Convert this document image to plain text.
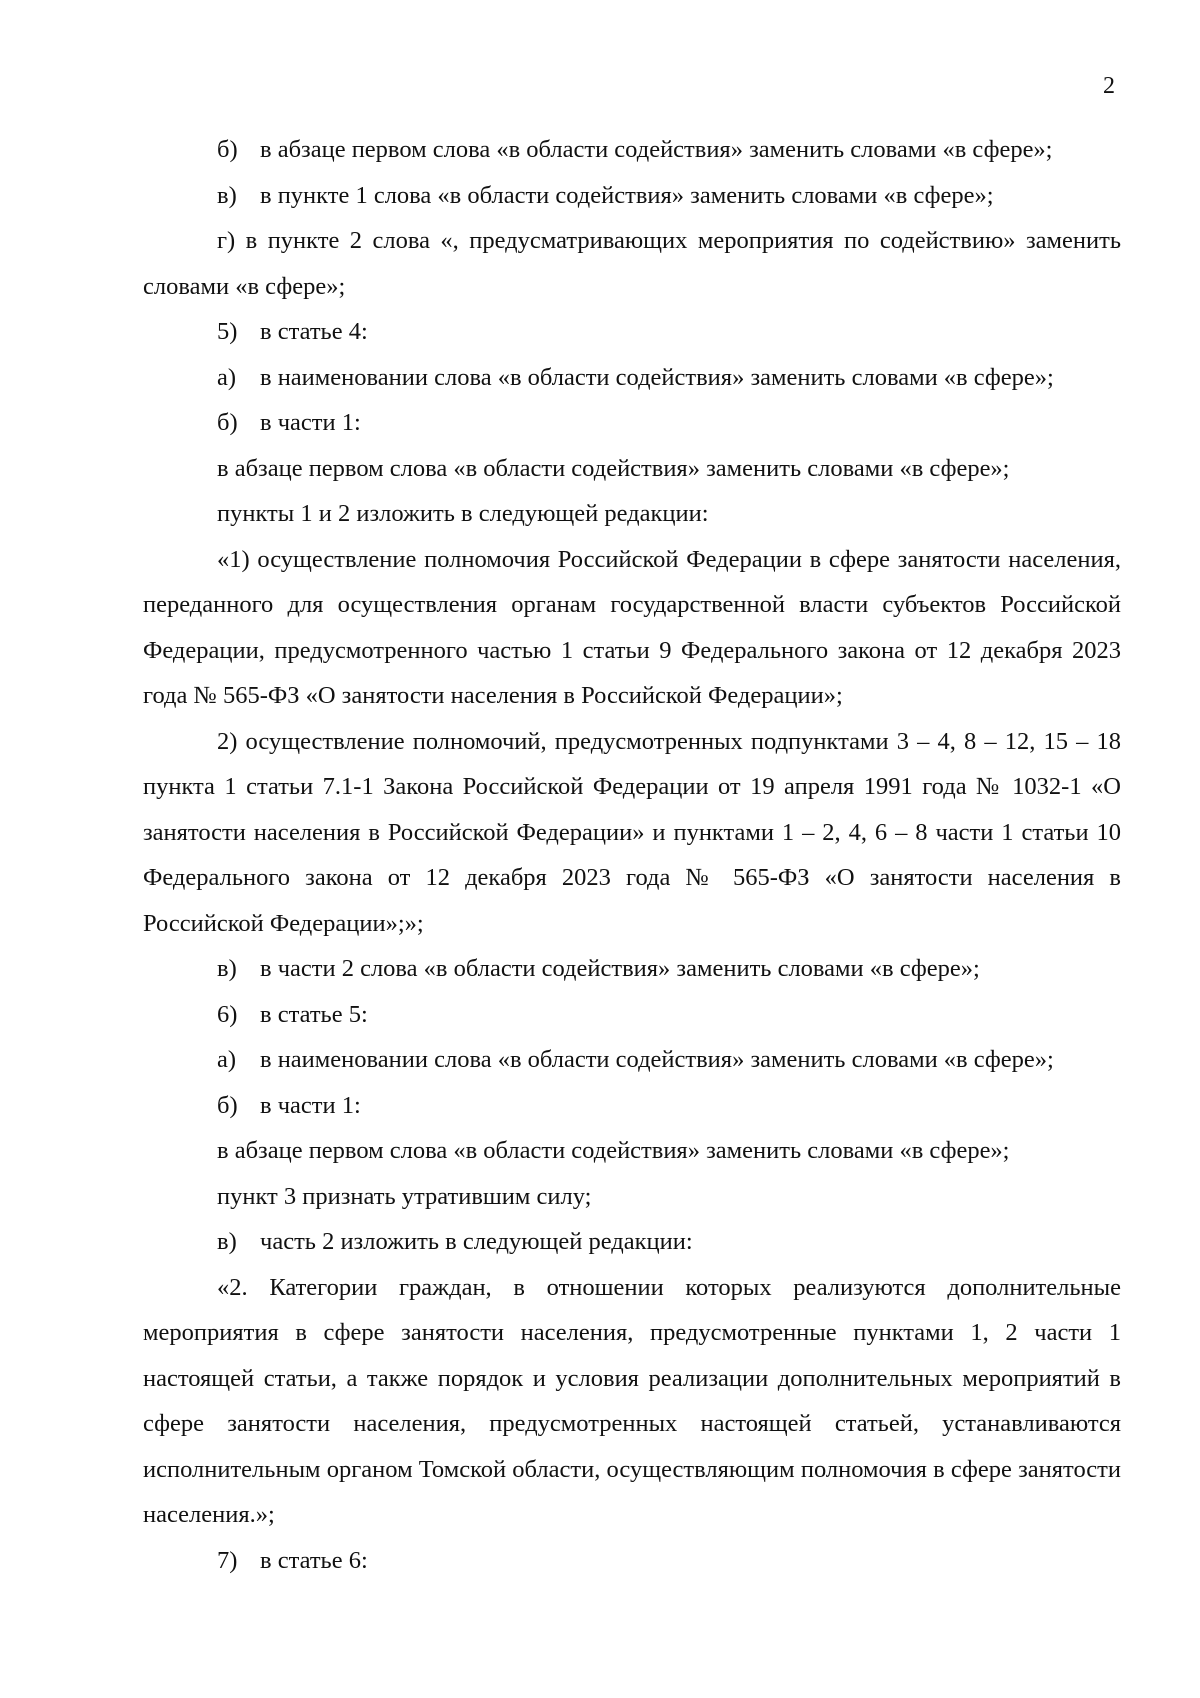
2
б) в абзаце первом слова «в области содействия» заменить словами «в сфере»;
в) в пункте 1 слова «в области содействия» заменить словами «в сфере»;

г) в пункте 2 слова «, предусматривающих мероприятия по содействию» заменить словами «в сфере»;

5) в статье 4:
а) в наименовании слова «в области содействия» заменить словами «в сфере»;
б) в части 1:
в абзаце первом слова «в области содействия» заменить словами «в сфере»;
пункты 1 и 2 изложить в следующей редакции:

«1) осуществление полномочия Российской Федерации в сфере занятости населения, переданного для осуществления органам государственной власти субъектов Российской Федерации, предусмотренного частью 1 статьи 9 Федерального закона от 12 декабря 2023 года № 565-ФЗ «О занятости населения в Российской Федерации»;

2) осуществление полномочий, предусмотренных подпунктами 3 – 4, 8 – 12, 15 – 18 пункта 1 статьи 7.1-1 Закона Российской Федерации от 19 апреля 1991 года № 1032-1 «О занятости населения в Российской Федерации» и пунктами 1 – 2, 4, 6 – 8 части 1 статьи 10 Федерального закона от 12 декабря 2023 года № 565-ФЗ «О занятости населения в Российской Федерации»;»;

в) в части 2 слова «в области содействия» заменить словами «в сфере»;
6) в статье 5:
а) в наименовании слова «в области содействия» заменить словами «в сфере»;
б) в части 1:
в абзаце первом слова «в области содействия» заменить словами «в сфере»;
пункт 3 признать утратившим силу;
в) часть 2 изложить в следующей редакции:

«2. Категории граждан, в отношении которых реализуются дополнительные мероприятия в сфере занятости населения, предусмотренные пунктами 1, 2 части 1 настоящей статьи, а также порядок и условия реализации дополнительных мероприятий в сфере занятости населения, предусмотренных настоящей статьей, устанавливаются исполнительным органом Томской области, осуществляющим полномочия в сфере занятости населения.»;

7) в статье 6:
